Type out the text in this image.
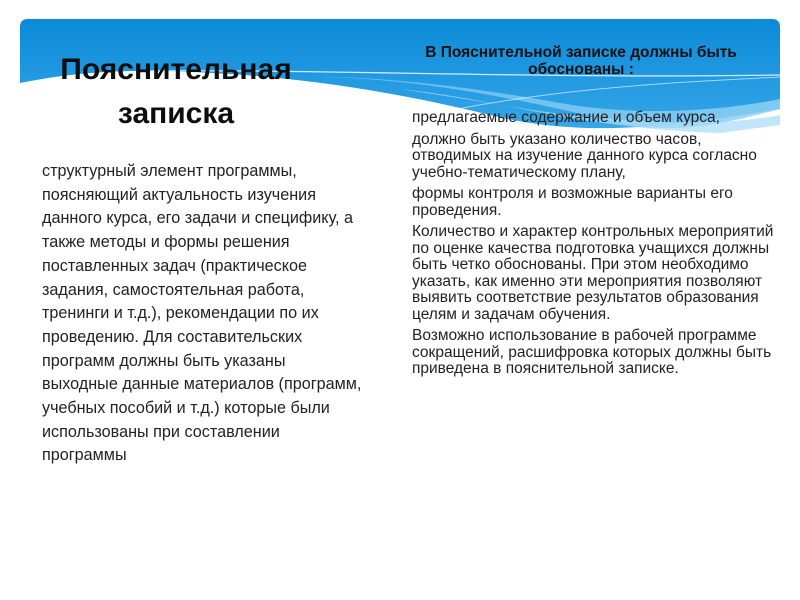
Пояснительная записка
структурный элемент программы, поясняющий актуальность изучения данного курса, его задачи и специфику, а также методы и формы решения поставленных задач (практическое задания, самостоятельная работа, тренинги и т.д.), рекомендации по их проведению. Для составительских программ должны быть указаны выходные данные материалов (программ, учебных пособий и т.д.) которые были использованы при составлении программы
В Пояснительной записке должны быть обоснованы :
предлагаемые содержание и объем курса,
должно быть указано количество часов, отводимых на изучение данного курса согласно учебно-тематическому плану,
формы контроля и возможные варианты его проведения.
Количество и характер контрольных мероприятий по оценке качества подготовка учащихся должны быть четко обоснованы. При этом необходимо указать, как именно эти мероприятия позволяют выявить соответствие результатов образования целям и задачам обучения.
Возможно использование в рабочей программе сокращений, расшифровка которых должны быть приведена в пояснительной записке.
